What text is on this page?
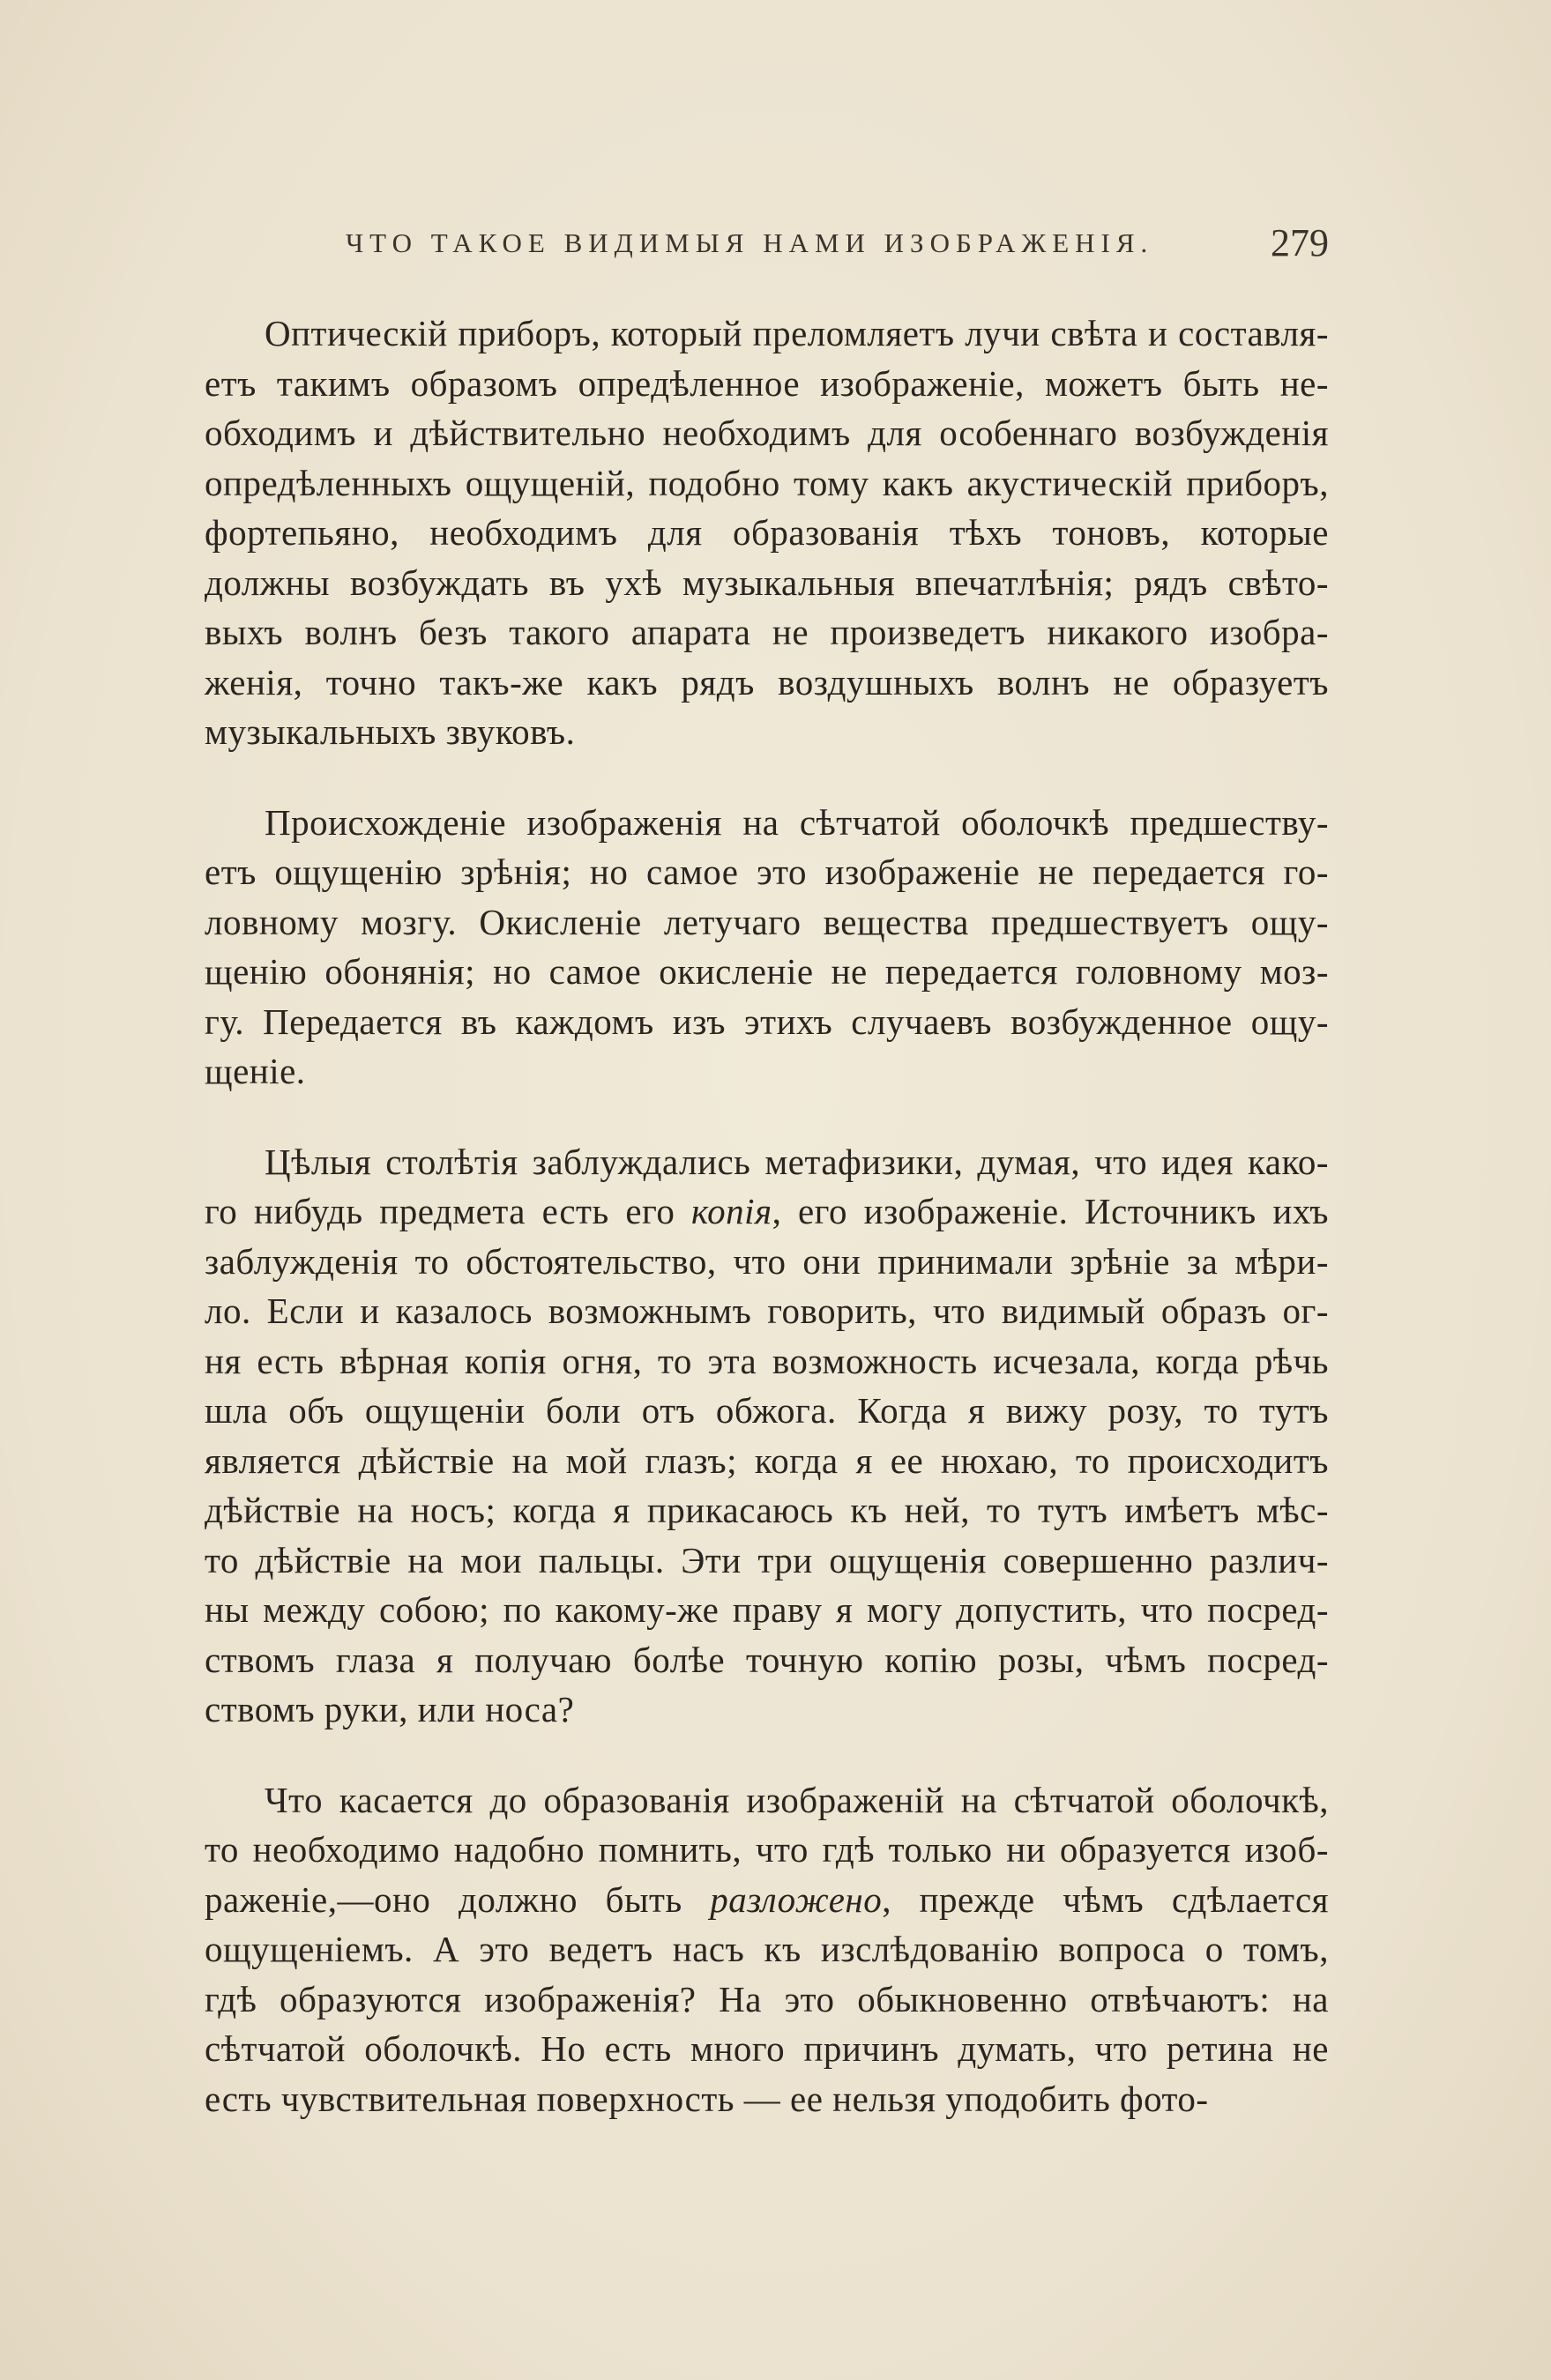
ЧТО ТАКОЕ ВИДИМЫЯ НАМИ ИЗОБРАЖЕНIЯ.	279
Оптическiй приборъ, который преломляетъ лучи свѣта и составля-
етъ такимъ образомъ опредѣленное изображенiе, можетъ быть не-
обходимъ и дѣйствительно необходимъ для особеннаго возбужденiя
опредѣленныхъ ощущенiй, подобно тому какъ акустическiй приборъ,
фортепьяно, необходимъ для образованiя тѣхъ тоновъ, которые
должны возбуждать въ ухѣ музыкальныя впечатлѣнiя; рядъ свѣто-
выхъ волнъ безъ такого апарата не произведетъ никакого изобра-
женiя, точно такъ-же какъ рядъ воздушныхъ волнъ не образуетъ
музыкальныхъ звуковъ.
Происхожденiе изображенiя на сѣтчатой оболочкѣ предшеству-
етъ ощущенiю зрѣнiя; но самое это изображенiе не передается го-
ловному мозгу. Окисленiе летучаго вещества предшествуетъ ощу-
щенiю обонянiя; но самое окисленiе не передается головному моз-
гу. Передается въ каждомъ изъ этихъ случаевъ возбужденное ощу-
щенiе.
Цѣлыя столѣтiя заблуждались метафизики, думая, что идея како-
го нибудь предмета есть его копiя, его изображенiе. Источникъ ихъ
заблужденiя то обстоятельство, что они принимали зрѣнiе за мѣри-
ло. Если и казалось возможнымъ говорить, что видимый образъ ог-
ня есть вѣрная копiя огня, то эта возможность исчезала, когда рѣчь
шла объ ощущенiи боли отъ обжога. Когда я вижу розу, то тутъ
является дѣйствiе на мой глазъ; когда я ее нюхаю, то происходитъ
дѣйствiе на носъ; когда я прикасаюсь къ ней, то тутъ имѣетъ мѣс-
то дѣйствiе на мои пальцы. Эти три ощущенiя совершенно различ-
ны между собою; по какому-же праву я могу допустить, что посред-
ствомъ глаза я получаю болѣе точную копiю розы, чѣмъ посред-
ствомъ руки, или носа?
Что касается до образованiя изображенiй на сѣтчатой оболочкѣ,
то необходимо надобно помнить, что гдѣ только ни образуется изоб-
раженiе,—оно должно быть разложено, прежде чѣмъ сдѣлается
ощущенiемъ. А это ведетъ насъ къ изслѣдованiю вопроса о томъ,
гдѣ образуются изображенiя? На это обыкновенно отвѣчаютъ: на
сѣтчатой оболочкѣ. Но есть много причинъ думать, что ретина не
есть чувствительная поверхность — ее нельзя уподобить фото-
